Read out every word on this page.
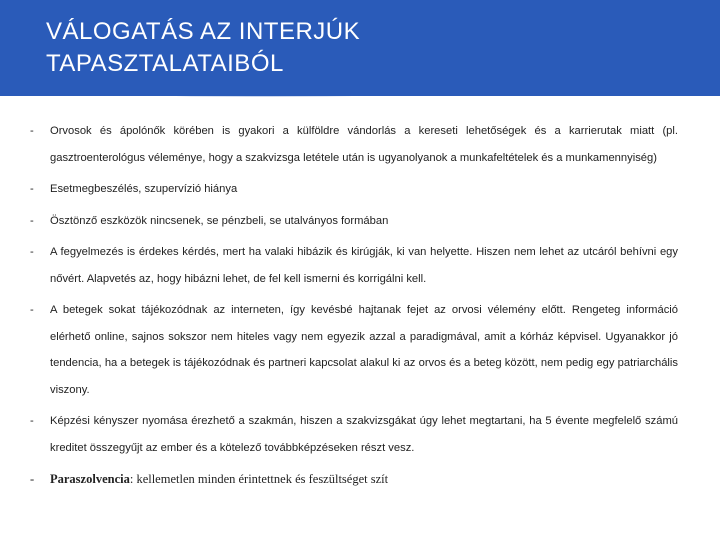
VÁLOGATÁS AZ INTERJÚK
TAPASZTALATAIBÓL
- Orvosok és ápolónők körében is gyakori a külföldre vándorlás a kereseti lehetőségek és a karrierutak miatt (pl. gasztroenterológus véleménye, hogy a szakvizsga letétele után is ugyanolyanok a munkafeltételek és a munkamennyiség)
- Esetmegbeszélés, szupervízió hiánya
- Ösztönző eszközök nincsenek, se pénzbeli, se utalványos formában
- A fegyelmezés is érdekes kérdés, mert ha valaki hibázik és kirúgják, ki van helyette. Hiszen nem lehet az utcáról behívni egy nővért. Alapvetés az, hogy hibázni lehet, de fel kell ismerni és korrigálni kell.
- A betegek sokat tájékozódnak az interneten, így kevésbé hajtanak fejet az orvosi vélemény előtt. Rengeteg információ elérhető online, sajnos sokszor nem hiteles vagy nem egyezik azzal a paradigmával, amit a kórház képvisel. Ugyanakkor jó tendencia, ha a betegek is tájékozódnak és partneri kapcsolat alakul ki az orvos és a beteg között, nem pedig egy patriarchális viszony.
- Képzési kényszer nyomása érezhető a szakmán, hiszen a szakvizsgákat úgy lehet megtartani, ha 5 évente megfelelő számú kreditet összegyűjt az ember és a kötelező továbbképzéseken részt vesz.
- Paraszolvencia: kellemetlen minden érintettnek és feszültséget szít
